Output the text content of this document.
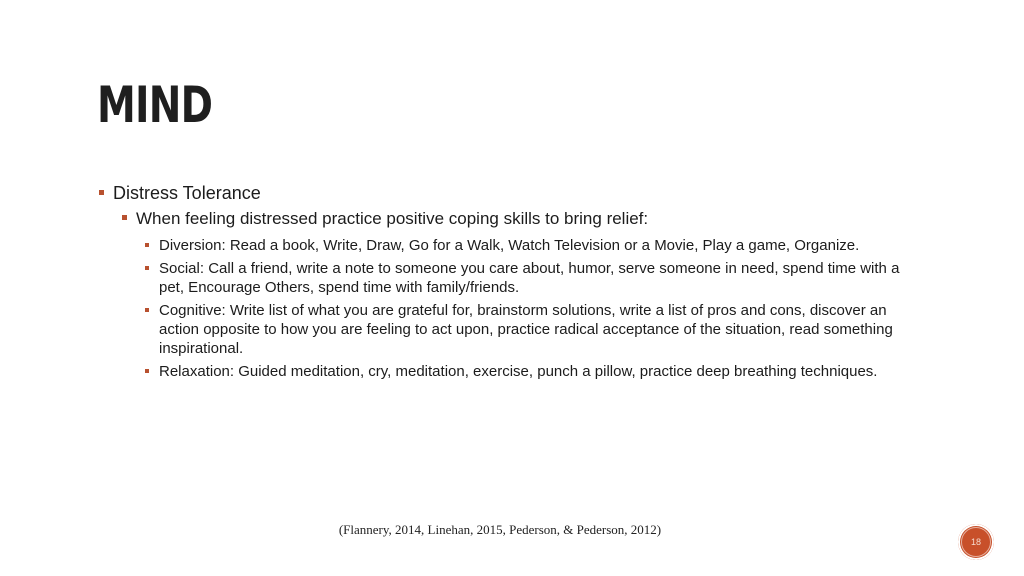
MIND
Distress Tolerance
When feeling distressed practice positive coping skills to bring relief:
Diversion: Read a book, Write, Draw, Go for a Walk, Watch Television or a Movie, Play a game, Organize.
Social: Call a friend, write a note to someone you care about, humor, serve someone in need, spend time with a pet, Encourage Others, spend time with family/friends.
Cognitive: Write list of what you are grateful for, brainstorm solutions, write a list of pros and cons, discover an action opposite to how you are feeling to act upon, practice radical acceptance of the situation, read something inspirational.
Relaxation: Guided meditation, cry, meditation, exercise, punch a pillow, practice deep breathing techniques.
(Flannery, 2014, Linehan, 2015, Pederson, & Pederson, 2012)
18
